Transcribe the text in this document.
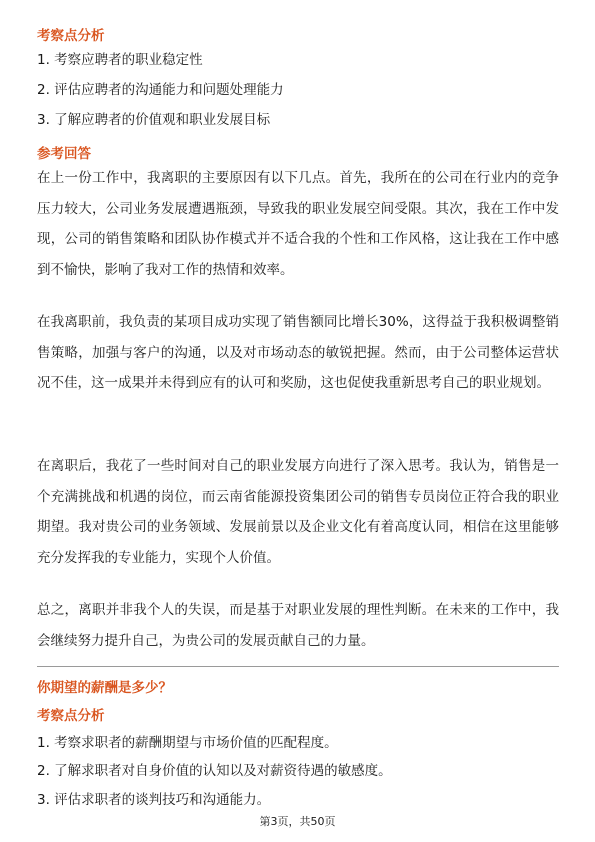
考察点分析
1. 考察应聘者的职业稳定性
2. 评估应聘者的沟通能力和问题处理能力
3. 了解应聘者的价值观和职业发展目标
参考回答
在上一份工作中，我离职的主要原因有以下几点。首先，我所在的公司在行业内的竞争压力较大，公司业务发展遭遇瓶颈，导致我的职业发展空间受限。其次，我在工作中发现，公司的销售策略和团队协作模式并不适合我的个性和工作风格，这让我在工作中感到不愉快，影响了我对工作的热情和效率。
在我离职前，我负责的某项目成功实现了销售额同比增长30%，这得益于我积极调整销售策略，加强与客户的沟通，以及对市场动态的敏锐把握。然而，由于公司整体运营状况不佳，这一成果并未得到应有的认可和奖励，这也促使我重新思考自己的职业规划。
在离职后，我花了一些时间对自己的职业发展方向进行了深入思考。我认为，销售是一个充满挑战和机遇的岗位，而云南省能源投资集团公司的销售专员岗位正符合我的职业期望。我对贵公司的业务领域、发展前景以及企业文化有着高度认同，相信在这里能够充分发挥我的专业能力，实现个人价值。
总之，离职并非我个人的失误，而是基于对职业发展的理性判断。在未来的工作中，我会继续努力提升自己，为贵公司的发展贡献自己的力量。
你期望的薪酬是多少？
考察点分析
1. 考察求职者的薪酬期望与市场价值的匹配程度。
2. 了解求职者对自身价值的认知以及对薪资待遇的敏感度。
3. 评估求职者的谈判技巧和沟通能力。
第3页，共50页
